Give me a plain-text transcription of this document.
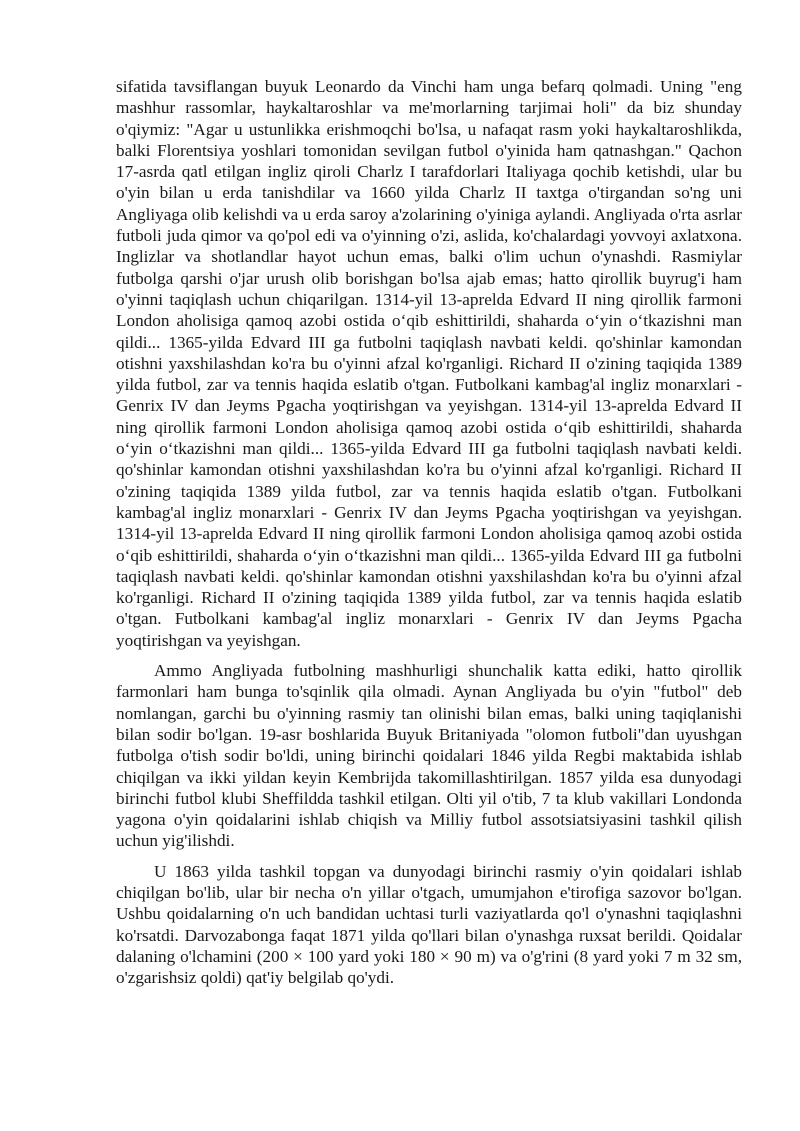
sifatida tavsiflangan buyuk Leonardo da Vinchi ham unga befarq qolmadi. Uning "eng mashhur rassomlar, haykaltaroshlar va me'morlarning tarjimai holi" da biz shunday o'qiymiz: "Agar u ustunlikka erishmoqchi bo'lsa, u nafaqat rasm yoki haykaltaroshlikda, balki Florentsiya yoshlari tomonidan sevilgan futbol o'yinida ham qatnashgan." Qachon 17-asrda qatl etilgan ingliz qiroli Charlz I tarafdorlari Italiyaga qochib ketishdi, ular bu o'yin bilan u erda tanishdilar va 1660 yilda Charlz II taxtga o'tirgandan so'ng uni Angliyaga olib kelishdi va u erda saroy a'zolarining o'yiniga aylandi. Angliyada o'rta asrlar futboli juda qimor va qo'pol edi va o'yinning o'zi, aslida, ko'chalardagi yovvoyi axlatxona. Inglizlar va shotlandlar hayot uchun emas, balki o'lim uchun o'ynashdi. Rasmiylar futbolga qarshi o'jar urush olib borishgan bo'lsa ajab emas; hatto qirollik buyrug'i ham o'yinni taqiqlash uchun chiqarilgan. 1314-yil 13-aprelda Edvard II ning qirollik farmoni London aholisiga qamoq azobi ostida o‘qib eshittirildi, shaharda o‘yin o‘tkazishni man qildi... 1365-yilda Edvard III ga futbolni taqiqlash navbati keldi. qo'shinlar kamondan otishni yaxshilashdan ko'ra bu o'yinni afzal ko'rganligi. Richard II o'zining taqiqida 1389 yilda futbol, zar va tennis haqida eslatib o'tgan. Futbolkani kambag'al ingliz monarxlari - Genrix IV dan Jeyms Pgacha yoqtirishgan va yeyishgan. 1314-yil 13-aprelda Edvard II ning qirollik farmoni London aholisiga qamoq azobi ostida o‘qib eshittirildi, shaharda o‘yin o‘tkazishni man qildi... 1365-yilda Edvard III ga futbolni taqiqlash navbati keldi. qo'shinlar kamondan otishni yaxshilashdan ko'ra bu o'yinni afzal ko'rganligi. Richard II o'zining taqiqida 1389 yilda futbol, zar va tennis haqida eslatib o'tgan. Futbolkani kambag'al ingliz monarxlari - Genrix IV dan Jeyms Pgacha yoqtirishgan va yeyishgan. 1314-yil 13-aprelda Edvard II ning qirollik farmoni London aholisiga qamoq azobi ostida o‘qib eshittirildi, shaharda o‘yin o‘tkazishni man qildi... 1365-yilda Edvard III ga futbolni taqiqlash navbati keldi. qo'shinlar kamondan otishni yaxshilashdan ko'ra bu o'yinni afzal ko'rganligi. Richard II o'zining taqiqida 1389 yilda futbol, zar va tennis haqida eslatib o'tgan. Futbolkani kambag'al ingliz monarxlari - Genrix IV dan Jeyms Pgacha yoqtirishgan va yeyishgan.

Ammo Angliyada futbolning mashhurligi shunchalik katta ediki, hatto qirollik farmonlari ham bunga to'sqinlik qila olmadi. Aynan Angliyada bu o'yin "futbol" deb nomlangan, garchi bu o'yinning rasmiy tan olinishi bilan emas, balki uning taqiqlanishi bilan sodir bo'lgan. 19-asr boshlarida Buyuk Britaniyada "olomon futboli"dan uyushgan futbolga o'tish sodir bo'ldi, uning birinchi qoidalari 1846 yilda Regbi maktabida ishlab chiqilgan va ikki yildan keyin Kembrijda takomillashtirilgan. 1857 yilda esa dunyodagi birinchi futbol klubi Sheffildda tashkil etilgan. Olti yil o'tib, 7 ta klub vakillari Londonda yagona o'yin qoidalarini ishlab chiqish va Milliy futbol assotsiatsiyasini tashkil qilish uchun yig'ilishdi.

U 1863 yilda tashkil topgan va dunyodagi birinchi rasmiy o'yin qoidalari ishlab chiqilgan bo'lib, ular bir necha o'n yillar o'tgach, umumjahon e'tirofiga sazovor bo'lgan. Ushbu qoidalarning o'n uch bandidan uchtasi turli vaziyatlarda qo'l o'ynashni taqiqlashni ko'rsatdi. Darvozabonga faqat 1871 yilda qo'llari bilan o'ynashga ruxsat berildi. Qoidalar dalaning o'lchamini (200 × 100 yard yoki 180 × 90 m) va o'g'rini (8 yard yoki 7 m 32 sm, o'zgarishsiz qoldi) qat'iy belgilab qo'ydi.
